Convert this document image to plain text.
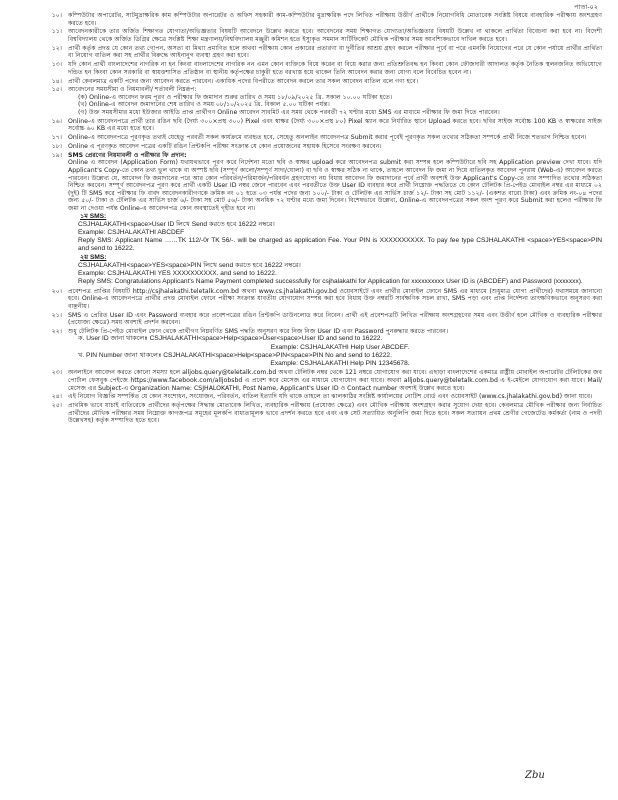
পাতা-০২
১০। কম্পিউটার অপারেটর, সাটমুদ্রাক্ষরিক কাম কম্পিউটার অপারেটর ও অফিস সহকারী কাম-কম্পিউটার মুদ্রাক্ষরিক পদে লিখিত পরীক্ষায় উত্তীর্ণ প্রার্থীকে নিয়োগবিধি মোতাবেক সংশ্লিষ্ট বিষয়ে ব্যবহারিক পরীক্ষায় অংশগ্রহণ করতে হবে।
১১। আবেদনকারীকে তার অর্জিত শিক্ষাগত যোগ্যতা/অভিজ্ঞতার বিষয়টি আবেদনে উল্লেখ করতে হবে। আবেদনের সময় শিক্ষাগত যোগ্যতা/অভিজ্ঞতার বিষয়টি উল্লেখ না থাকলে প্রার্থিতা বিবেচনা করা হবে না। বিদেশী বিশ্ববিদ্যালয় থেকে অর্জিত ডিগ্রির ক্ষেত্রে সংশ্লিষ্ট শিক্ষা মন্ত্রণালয়/বিশ্ববিদ্যালয় মঞ্জুরী কমিশন হতে ইস্যুকৃত সমমান সার্টিফিকেট মৌখিক পরীক্ষার সময় আবশ্যিকভাবে দাখিল করতে হবে।
১২। প্রার্থী কর্তৃক প্রদত্ত যে কোন তথ্য গোপন, অসত্য বা মিথ্যা প্রমাণিত হলে অথবা পরীক্ষায় কোন প্রকারের প্রতারণা বা দুর্নীতির আশ্রয় গ্রহণ করলে পরীক্ষার পূর্বে বা পরে এমনকি নিয়োগের পরে যে কোন পর্যায়ে প্রার্থীর প্রার্থিতা বা নিয়োগ বাতিল করা সহ প্রার্থীর বিরুদ্ধে আইনানুগ ব্যবস্থা গ্রহণ করা হবে।
১৩। যদি কোন প্রার্থী বাংলাদেশের নাগরিক না হন কিংবা বাংলাদেশের নাগরিক নন এমন কোন ব্যক্তিকে বিয়ে করেন বা বিয়ে করার জন্য প্রতিশ্রুতিবদ্ধ হন কিংবা কোন ফৌজদারী আদালত কর্তৃক নৈতিক স্থলনজনিত অভিযোগে দন্ডিত হন কিংবা কোন সরকারি বা স্বায়ত্তশাসিত প্রতিষ্ঠান বা স্থানীয় কর্তৃপক্ষের চাকুরী হতে বরখাস্ত হয়ে থাকেন তিনি আবেদন করার জন্য যোগ্য বলে বিবেচিত হবেন না।
১৪। প্রার্থী কেবলমাত্র একটি পদের জন্য আবেদন করতে পারবেন। একাধিক পদের বিপরীতে আবেদন করলে তার সকল আবেদন বাতিল বলে গণ্য হবে।
১৫। আবেদনের সময়সীমা ও নিয়মাবলী/ শর্তাবলী নিম্নরূপ:
(ক) Online-এ আবেদন ফরম পূরণ ও পরীক্ষার ফি জমাদান শুরুর তারিখ ও সময় ১৮/০৯/২০২৫ খ্রি. সকাল ১০.০০ ঘটিকা হতে।
(খ) Online-এ আবেদন জমাদানের শেষ তারিখ ও সময় ০৮/১০/২০২৫ খ্রি. বিকাল ৫.০০ ঘটিকা পর্যন্ত।
(গ) উক্ত সময়সীমার মধ্যে ইউজার আইডি প্রাপ্ত প্রার্থীগণ Online আবেদন সাবমিট এর সময় থেকে পরবর্তী ৭২ ঘণ্টার মধ্যে SMS এর মাধ্যমে পরীক্ষার ফি জমা দিতে পারবেন।
১৬। Online-এ আবেদনপত্রে প্রার্থী তার রঙিন ছবি (দৈর্ঘ্য ৩০০×প্রস্থ ৩০০) Pixel এবং স্বাক্ষর (দৈর্ঘ্য ৩০০×প্রস্থ ৮০) Pixel স্ক্যান করে নির্ধারিত স্থানে Upload করতে হবে। ছবির সাইজ সর্বোচ্চ 100 KB ও স্বাক্ষরের সাইজ সর্বোচ্চ ৬০ KB এর মধ্যে হতে হবে।
১৭। Online-এ আবেদনপত্রে পূরণকৃত তথ্যই যেহেতু পরবর্তী সকল কার্যক্রমে ব্যবহৃত হবে, সেহেতু অনলাইন আবেদনপত্র Submit করার পূর্বেই পূরণকৃত সকল তথ্যের সঠিকতা সম্পর্কে প্রার্থী নিজে শতভাগ নিশ্চিত হবেন।
১৮। Online এ পূরণকৃত আবেদন পত্রের একটি রঙিন প্রিন্টকপি পরীক্ষা সংক্রান্ত যে কোন প্রয়োজনের সহায়ক হিসেবে সংরক্ষণ করবেন।
১৯। SMS প্রেরণের নিয়মাবলী ও পরীক্ষার ফি প্রদান:
Online এ আবেদন (Application Form) যথাযথভাবে পূরণ করে নির্দেশনা মতো ছবি ও স্বাক্ষর upload করে আবেদনপত্র submit করা সম্পন্ন হলে কম্পিউটারে ছবি সহ Application preview দেখা যাবে। যদি Applicant's Copy-তে কোন তথ্য ভুল থাকে বা অস্পষ্ট ছবি (সম্পূর্ণ কালো/সম্পূর্ণ সাদা/ঘোলা) বা ছবি ও স্বাক্ষর সঠিক না থাকে, তাহলে আবেদন ফি জমা না দিয়ে বাতিলকৃত আবেদন পুনরায় (Web-এ) আবেদন করতে পারবেন। উল্লেখ্য যে, আবেদন ফি জমাদানের পরে আর কোন পরিবর্তন/পরিমার্জন/পরিবর্ধন গ্রহণযোগ্য নয় বিধায় আবেদন ফি জমাদানের পূর্বে প্রার্থী অবশ্যই উক্ত Applicant's Copy-তে তার সম্পাদিত তথ্যের সঠিকতা নিশ্চিত করবেন। সম্পূর্ণ আবেদনপত্র পূরণ করে প্রার্থী একটি User ID নম্বর জেনে পারবেন এবং পরবর্তীতে উক্ত User ID ব্যবহার করে প্রার্থী নিম্নোক্ত পদ্ধতিতে যে কোন টেলিটক প্রি-পেইড মোবাইল নম্বর এর মাধ্যমে ০২ (দুই) টি SMS করে পরীক্ষার ফি বাবদ আবেদনকারীগণকে ক্রমিক নং ০১ হতে ০৩ পর্যন্ত পদের জন্য ১০০/- টাকা ও টেলিটক এর সার্ভিস চার্জ ১২/- টাকা সহ মোট ১১২/- (একশত বারো টাকা) এবং ক্রমিক নং-০৪ পদের জন্য ৫০/- টাকা ও টেলিটক এর সার্ভিস চার্জ ৬/- টাকা সহ মোট ৫৬/- টাকা অনধিক ৭২ ঘণ্টার মধ্যে জমা দিবেন। বিশেষভাবে উল্লেখ্য, Online-এ আবেদনপত্রের সকল অংশ পূরণ করে Submit করা হলেও পরীক্ষার ফি জমা না দেওয়া পর্যন্ত Online-এ আবেদনপত্র কোন অবস্থাতেই গৃহীত হবে না।
১ম SMS:
CSJHALAKATHI<space>User ID লিখে Send করতে হবে 16222 নম্বরে।
Example: CSJHALAKATHI ABCDEF
Reply SMS: Applicant Name ……TK 112/-0r TK 56/-. will be charged as application Fee. Your PIN is XXXXXXXXXX. To pay fee type CSJHALAKATHI <space>YES<space>PIN and send to 16222.
২য় SMS:
CSJHALAKATHI<space>YES<space>PIN লিখে send করতে হবে 16222 নম্বরে।
Example: CSJHALAKATHI YES XXXXXXXXXX. and send to 16222.
Reply SMS: Congratulations Applicant's Name Payment completed successfully for csjhalakathi for Application for xxxxxxxxxx User ID is (ABCDEF) and Password (xxxxxxx).
২০। প্রবেশপত্র প্রাপ্তির বিষয়টি http://csjhalakathi.teletalk.com.bd অথবা www.cs.jhalakathi.gov.bd ওয়েবসাইটে এবং প্রার্থীর মোবাইল ফোনে SMS এর মাধ্যমে (শুধুমাত্র যোগ্য প্রার্থীদের) যথাসময়ে জানানো হবে। Online-এ আবেদনপত্রে প্রার্থীর প্রদত্ত মোবাইল ফোনে পরীক্ষা সংক্রান্ত যাবতীয় যোগাযোগ সম্পন্ন করা হবে বিধায় উক্ত নম্বরটি সার্বক্ষণিক সচল রাখা, SMS পড়া এবং প্রাপ্ত নির্দেশনা তাৎক্ষণিকভাবে অনুসরণ করা বাঞ্ছনীয়।
২১। SMS এ প্রেরিত User ID এবং Password ব্যবহার করে প্রবেশপত্রের রঙিন প্রিন্টকপি ডাউনলোড করে নিবেন। প্রার্থী এই প্রবেশপত্রটি লিখিত পরীক্ষায় অংশগ্রহণের সময় এবং উত্তীর্ণ হলে মৌখিক ও ব্যবহারিক পরীক্ষার (প্রযোজ্য ক্ষেত্রে) সময় অবশ্যই প্রদর্শন করবেন।
২২। শুধু টেলিটক প্রি-পেইড মোবাইল ফোন থেকে প্রার্থীগণ নিম্নবর্ণিত SMS পদ্ধতি অনুসরণ করে নিজ নিজ User ID এবং Password পুনরুদ্ধার করতে পারবেন।
ক. User ID জানা থাকলেঃ CSJHALAKATHI<space>Help<space>User<space>User ID and send to 16222.
Example: CSJHALAKATHI Help User ABCDEF.
খ. PIN Number জানা থাকলেঃ CSJHALAKATHI<space>Help<space>PIN<space>PIN No and send to 16222.
Example: CSJHALAKATHI Help PIN 12345678.
২৩। অনলাইনে আবেদন করতে কোনো সমস্যা হলে alljobs.query@teletalk.com.bd অথবা টেলিটক নম্বর থেকে 121 নম্বরে যোগাযোগ করা যাবে। এছাড়া বাংলাদেশের একমাত্র রাষ্ট্রীয় মোবাইল অপারেটর টেলিটকের জব পোর্টাল ফেসবুক পেইজে https://www.facebook.com/alljobsbd এ প্রবেশ করে মেসেজ এর মাধ্যমে যোগাযোগ করা যাবে। অথবা alljobs.query@teletalk.com.bd এ ই-মেইলে যোগাযোগ করা যাবে। Mail/মেসেজ এর Subject-এ Organization Name: CSJHALOKATHI, Post Name, Applicant's User ID ও Contact number অবশ্যই উল্লেখ করতে হবে।
২৪। এই নিয়োগ বিজ্ঞপ্তি সম্পর্কিত যে কোন সংশোধন, সংযোজন, পরিবর্তন, বাতিল ইত্যাদি যদি থাকে তাহলে তা ঝালকাঠির সংশ্লিষ্ট কার্যালয়ের নোটিশ বোর্ড এবং ওয়েবসাইট (www.cs.jhalakathi.gov.bd) জানা যাবে।
২৫। প্রাথমিক ভাবে যাচাই ব্যতিরেকে প্রার্থীদের কর্তৃপক্ষের সিদ্ধান্ত মোতাবেক লিখিত, ব্যবহারিক পরীক্ষায় (প্রযোজ্য ক্ষেত্রে) এবং মৌখিক পরীক্ষায় অংশগ্রহণ করার সুযোগ দেয়া হবে। কেবলমাত্র মৌখিক পরীক্ষার জন্য নির্বাচিত প্রার্থীদের মৌখিক পরীক্ষার সময় নিম্নোক্ত কাগজপত্র সমূহের মূলকপি বাধ্যতামূলক ভাবে প্রদর্শন করতে হবে এবং এক সেট সত্যায়িত অনুলিপি জমা দিতে হবে। সকল সত্যায়ন প্রথম শ্রেণীর গেজেটেড কর্মকর্তা (নাম ও পদবী উল্লেখসহ) কর্তৃক সম্পাদিত হতে হবে।
Zbu
